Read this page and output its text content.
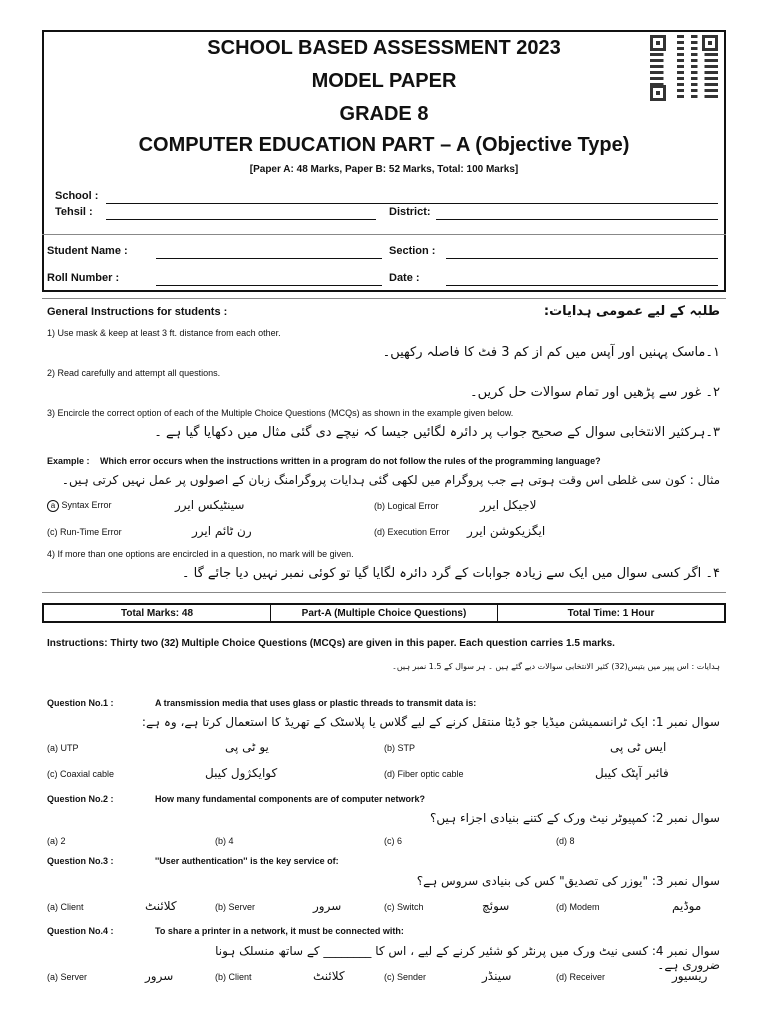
SCHOOL BASED ASSESSMENT 2023
MODEL PAPER
GRADE 8
COMPUTER EDUCATION PART – A (Objective Type)
[Paper A: 48 Marks, Paper B: 52 Marks, Total: 100 Marks]
School :
Tehsil :	District:
Student Name :	Section :
Roll Number :	Date :
General Instructions for students :	طلبہ کے لیے عمومی ہدایات:
1) Use mask & keep at least 3 ft. distance from each other.
۱۔ماسک پہنیں اور آپس میں کم از کم 3 فٹ کا فاصلہ رکھیں۔
2) Read carefully and attempt all questions.
۲۔ غور سے پڑھیں اور تمام سوالات حل کریں۔
3) Encircle the correct option of each of the Multiple Choice Questions (MCQs) as shown in the example given below.
۳۔ہرکثیر الانتخابی سوال کے صحیح جواب پر دائرہ لگائیں جیسا کہ نیچے دی گئی مثال میں دکھایا گیا ہے ۔
Example : Which error occurs when the instructions written in a program do not follow the rules of the programming language?
مثال : کون سی غلطی اس وقت ہوتی ہے جب پروگرام میں لکھی گئی ہدایات پروگرامنگ زبان کے اصولوں پر عمل نہیں کرتی ہیں۔
a Syntax Error	سینٹیکس ایرر	(b) Logical Error	لاجیکل ایرر
(c) Run-Time Error	رن ٹائم ایرر	(d) Execution Error ایگزیکوشن ایرر
4) If more than one options are encircled in a question, no mark will be given.
۴۔ اگر کسی سوال میں ایک سے زیادہ جوابات کے گرد دائرہ لگایا گیا تو کوئی نمبر نہیں دیا جائے گا ۔
Total Marks: 48	Part-A (Multiple Choice Questions)	Total Time: 1 Hour
Instructions: Thirty two (32) Multiple Choice Questions (MCQs) are given in this paper. Each question carries 1.5 marks.
ہدایات : اس پیپر میں بتیس(32) کثیر الانتخابی سوالات دیے گئے ہیں ۔ ہر سوال کے 1.5 نمبر ہیں۔
Question No.1 :	A transmission media that uses glass or plastic threads to transmit data is:
سوال نمبر 1: ایک ٹرانسمیشن میڈیا جو ڈیٹا منتقل کرنے کے لیے گلاس یا پلاسٹک کے تھریڈ کا استعمال کرتا ہے، وہ ہے:
(a) UTP	یو ٹی پی	(b) STP	ایس ٹی پی
(c) Coaxial cable	کوایکژول کیبل	(d) Fiber optic cable	فائبر آپٹک کیبل
Question No.2 :	How many fundamental components are of computer network?
سوال نمبر 2: کمپیوٹر نیٹ ورک کے کتنے بنیادی اجزاء ہیں؟
(a) 2	(b) 4	(c) 6	(d) 8
Question No.3 :	''User authentication'' is the key service of:
سوال نمبر 3: "یوزر کی تصدیق" کس کی بنیادی سروس ہے؟
(a) Client	کلائنٹ	(b) Server	سرور	(c) Switch	سوئچ	(d) Modem	موڈیم
Question No.4 :	To share a printer in a network, it must be connected with:
سوال نمبر 4: کسی نیٹ ورک میں پرنٹر کو شئیر کرنے کے لیے ، اس کا ________ کے ساتھ منسلک ہونا ضروری ہے۔
(a) Server	سرور	(b) Client	کلائنٹ	(c) Sender	سینڈر	(d) Receiver	ریسیور
